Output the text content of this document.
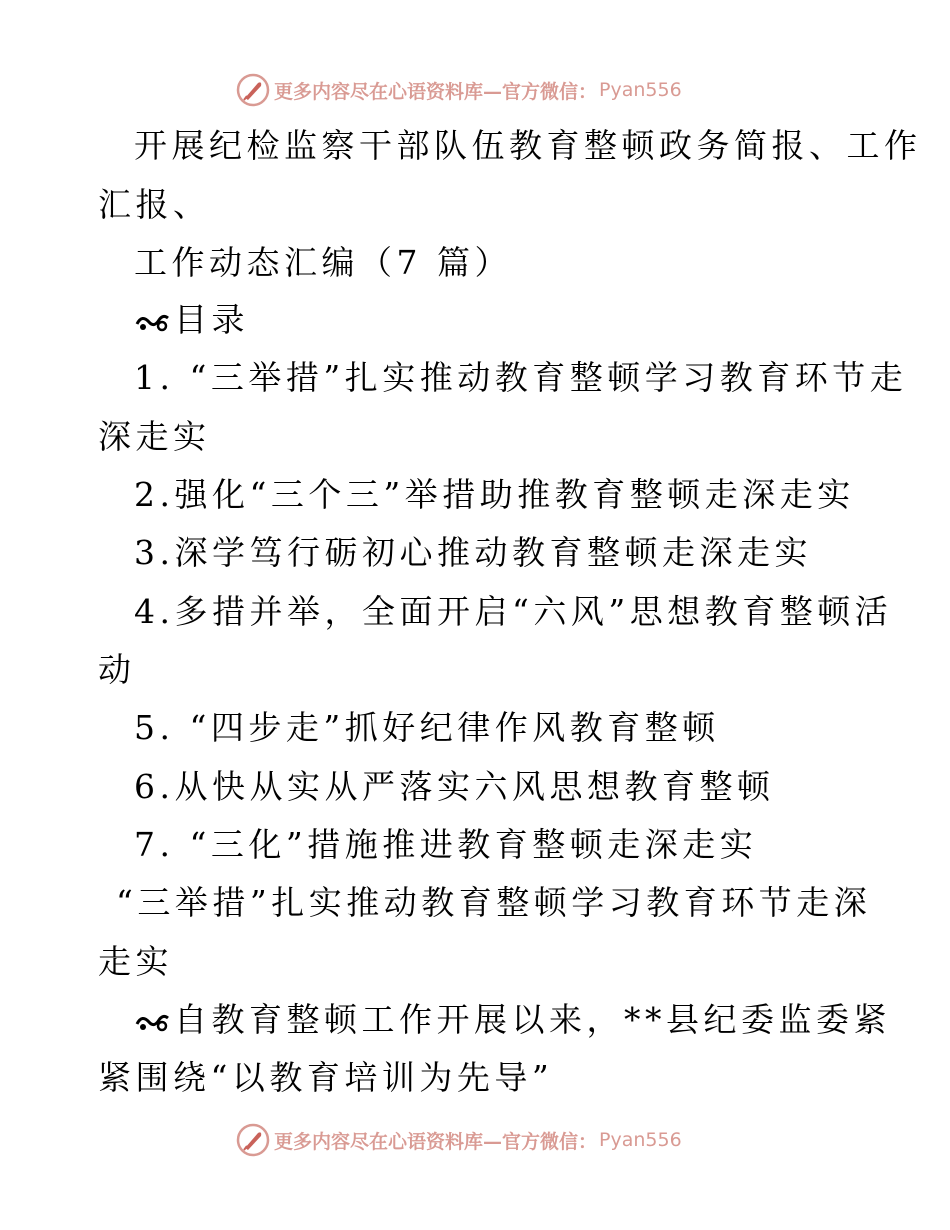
更多内容尽在心语资料库—官方微信： Pyan556
开展纪检监察干部队伍教育整顿政务简报、工作
汇报、
工作动态汇编（7 篇）
目录
1. “三举措”扎实推动教育整顿学习教育环节走
深走实
2.强化“三个三”举措助推教育整顿走深走实
3.深学笃行砺初心推动教育整顿走深走实
4.多措并举，全面开启“六风”思想教育整顿活
动
5. “四步走”抓好纪律作风教育整顿
6.从快从实从严落实六风思想教育整顿
7. “三化”措施推进教育整顿走深走实
“三举措”扎实推动教育整顿学习教育环节走深
走实
自教育整顿工作开展以来，**县纪委监委紧
紧围绕“以教育培训为先导”
更多内容尽在心语资料库—官方微信： Pyan556
